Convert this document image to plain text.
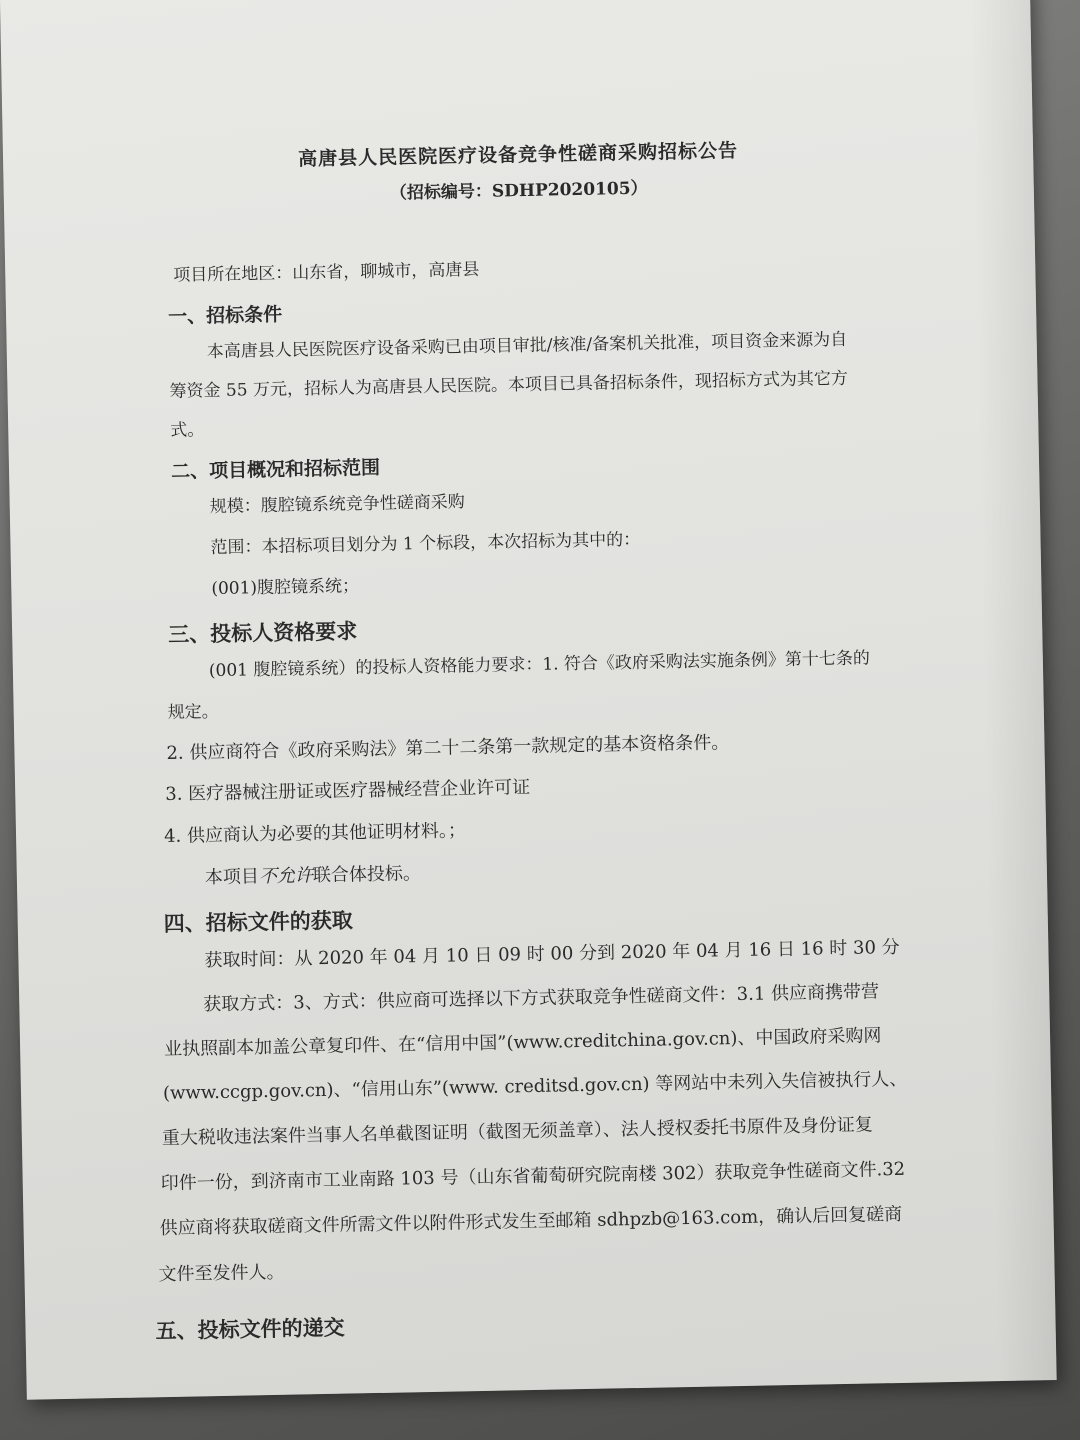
高唐县人民医院医疗设备竞争性磋商采购招标公告
（招标编号：SDHP2020105）
项目所在地区：山东省，聊城市，高唐县
一、招标条件
本高唐县人民医院医疗设备采购已由项目审批/核准/备案机关批准，项目资金来源为自
筹资金 55 万元，招标人为高唐县人民医院。本项目已具备招标条件，现招标方式为其它方
式。
二、项目概况和招标范围
规模：腹腔镜系统竞争性磋商采购
范围：本招标项目划分为 1 个标段，本次招标为其中的：
(001)腹腔镜系统；
三、投标人资格要求
(001 腹腔镜系统）的投标人资格能力要求：1. 符合《政府采购法实施条例》第十七条的
规定。
2. 供应商符合《政府采购法》第二十二条第一款规定的基本资格条件。
3. 医疗器械注册证或医疗器械经营企业许可证
4. 供应商认为必要的其他证明材料。；
本项目不允许联合体投标。
四、招标文件的获取
获取时间：从 2020 年 04 月 10 日 09 时 00 分到 2020 年 04 月 16 日 16 时 30 分
获取方式：3、方式：供应商可选择以下方式获取竞争性磋商文件：3.1 供应商携带营
业执照副本加盖公章复印件、在“信用中国”(www.creditchina.gov.cn)、中国政府采购网
(www.ccgp.gov.cn)、“信用山东”(www. creditsd.gov.cn) 等网站中未列入失信被执行人、
重大税收违法案件当事人名单截图证明（截图无须盖章）、法人授权委托书原件及身份证复
印件一份，到济南市工业南路 103 号（山东省葡萄研究院南楼 302）获取竞争性磋商文件.32
供应商将获取磋商文件所需文件以附件形式发生至邮箱 sdhpzb@163.com，确认后回复磋商
文件至发件人。
五、投标文件的递交
